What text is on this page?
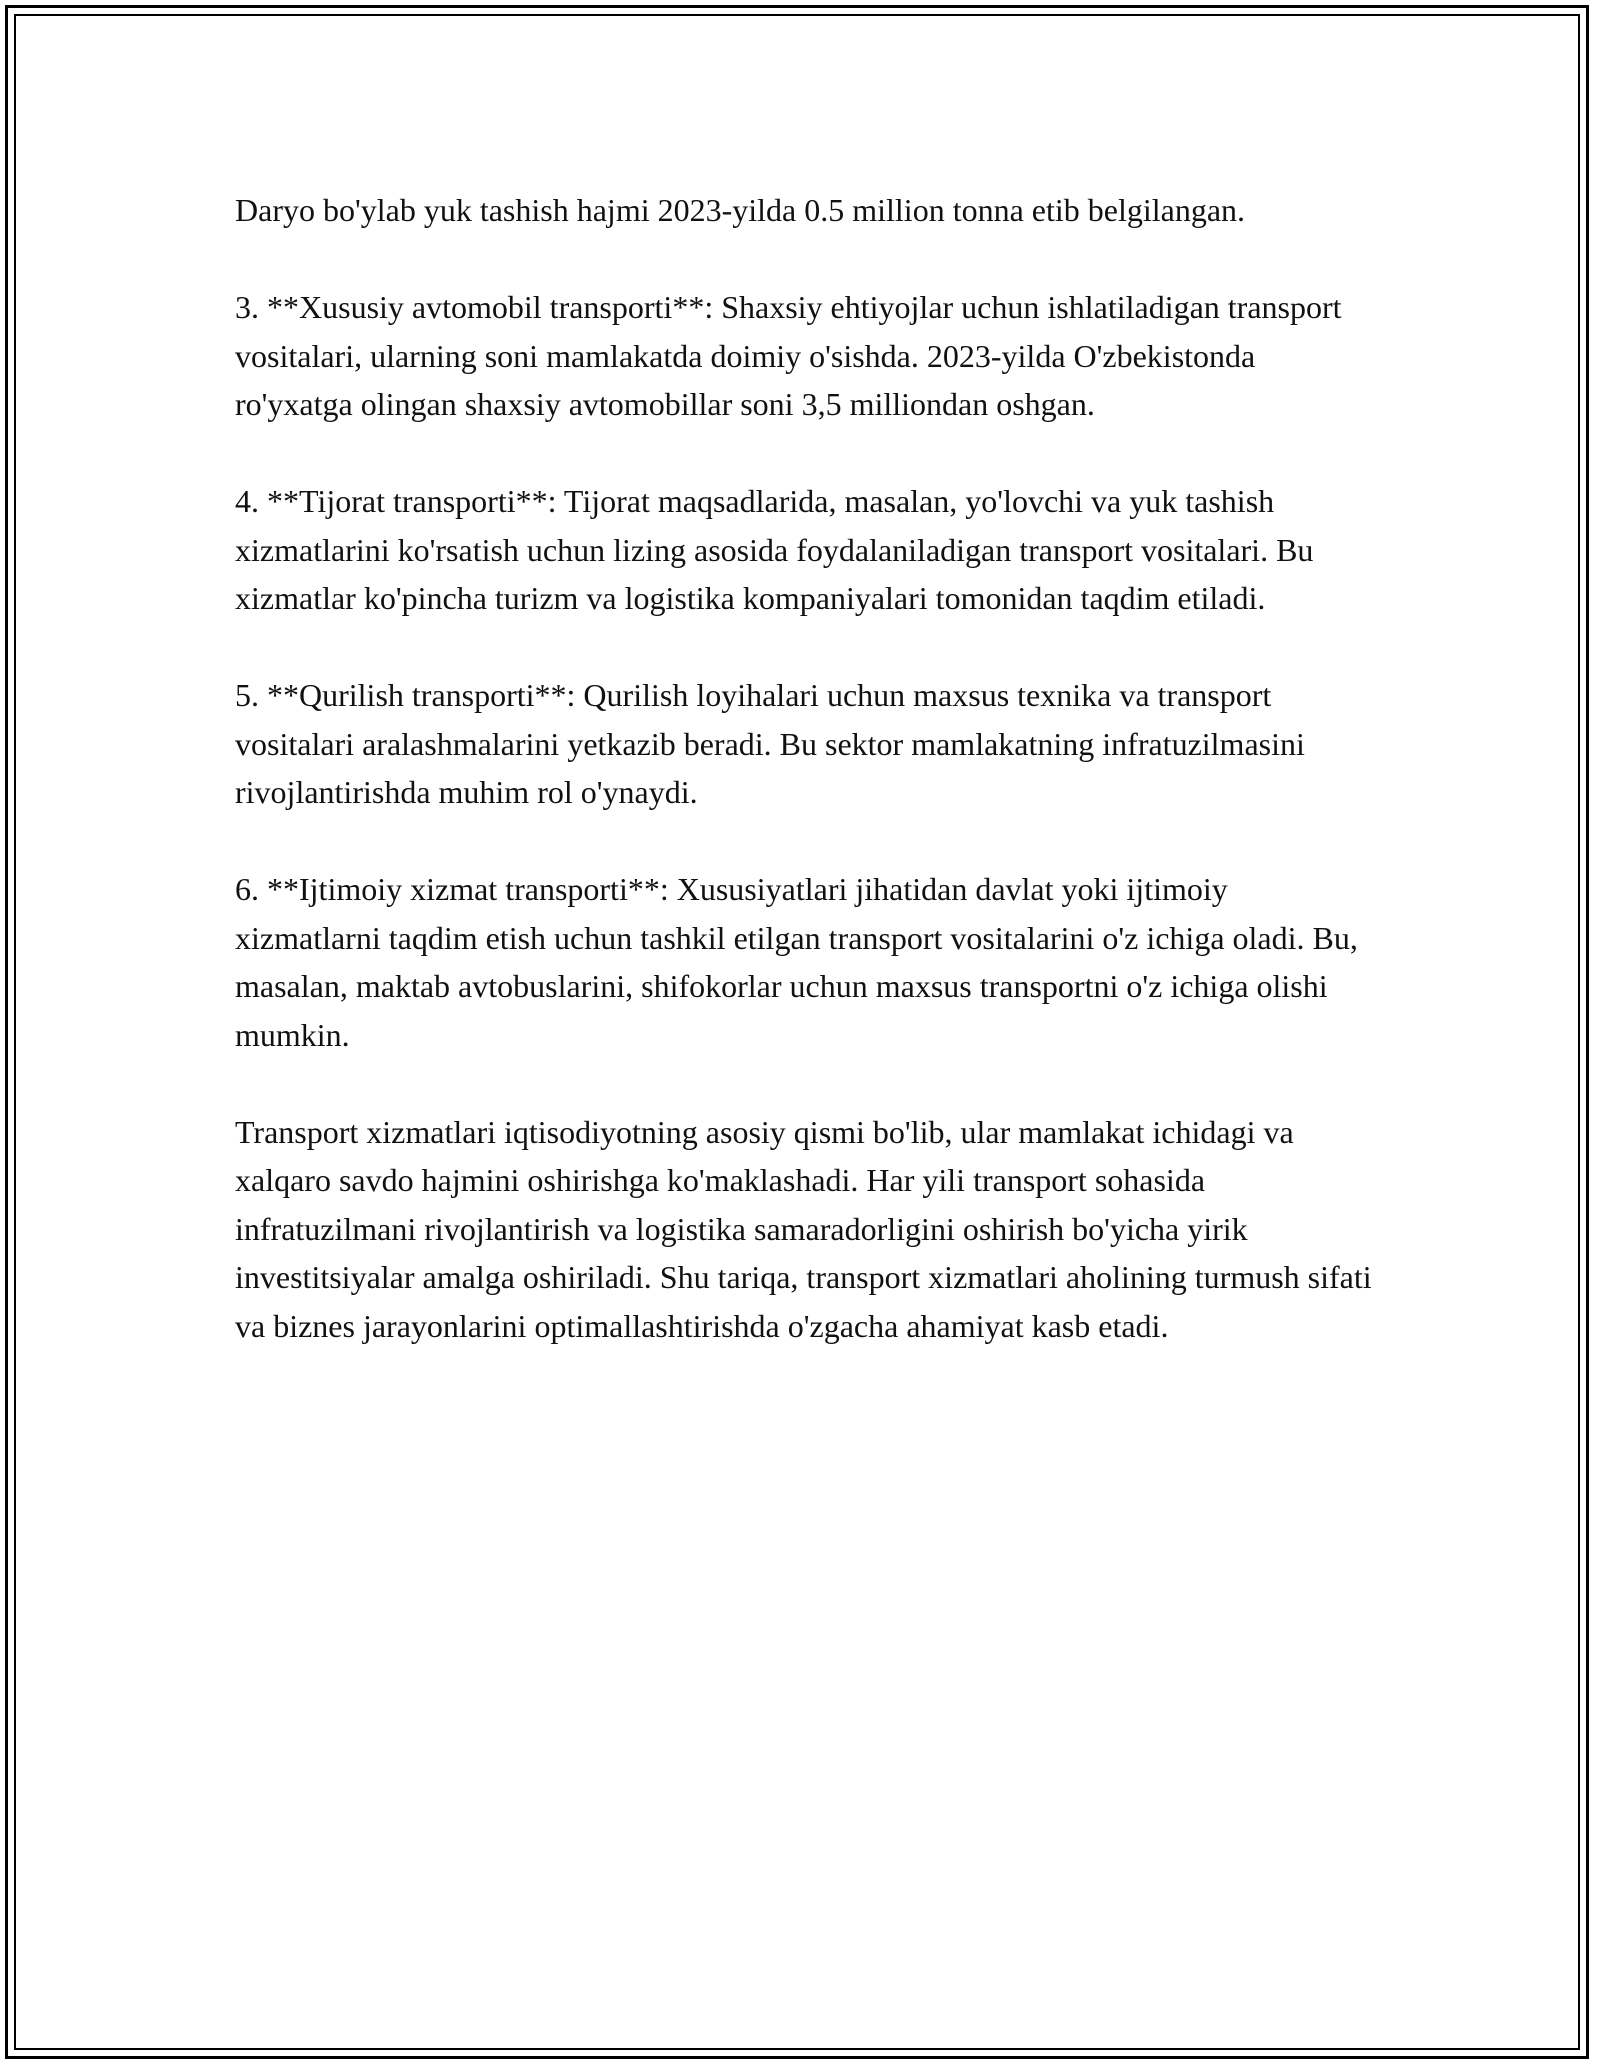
Daryo bo'ylab yuk tashish hajmi 2023-yilda 0.5 million tonna etib belgilangan.

3. **Xususiy avtomobil transporti**: Shaxsiy ehtiyojlar uchun ishlatiladigan transport vositalari, ularning soni mamlakatda doimiy o'sishda. 2023-yilda O'zbekistonda ro'yxatga olingan shaxsiy avtomobillar soni 3,5 milliondan oshgan.

4. **Tijorat transporti**: Tijorat maqsadlarida, masalan, yo'lovchi va yuk tashish xizmatlarini ko'rsatish uchun lizing asosida foydalaniladigan transport vositalari. Bu xizmatlar ko'pincha turizm va logistika kompaniyalari tomonidan taqdim etiladi.

5. **Qurilish transporti**: Qurilish loyihalari uchun maxsus texnika va transport vositalari aralashmalarini yetkazib beradi. Bu sektor mamlakatning infratuzilmasini rivojlantirishda muhim rol o'ynaydi.

6. **Ijtimoiy xizmat transporti**: Xususiyatlari jihatidan davlat yoki ijtimoiy xizmatlarni taqdim etish uchun tashkil etilgan transport vositalarini o'z ichiga oladi. Bu, masalan, maktab avtobuslarini, shifokorlar uchun maxsus transportni o'z ichiga olishi mumkin.

Transport xizmatlari iqtisodiyotning asosiy qismi bo'lib, ular mamlakat ichidagi va xalqaro savdo hajmini oshirishga ko'maklashadi. Har yili transport sohasida infratuzilmani rivojlantirish va logistika samaradorligini oshirish bo'yicha yirik investitsiyalar amalga oshiriladi. Shu tariqa, transport xizmatlari aholining turmush sifati va biznes jarayonlarini optimallashtirishda o'zgacha ahamiyat kasb etadi.
